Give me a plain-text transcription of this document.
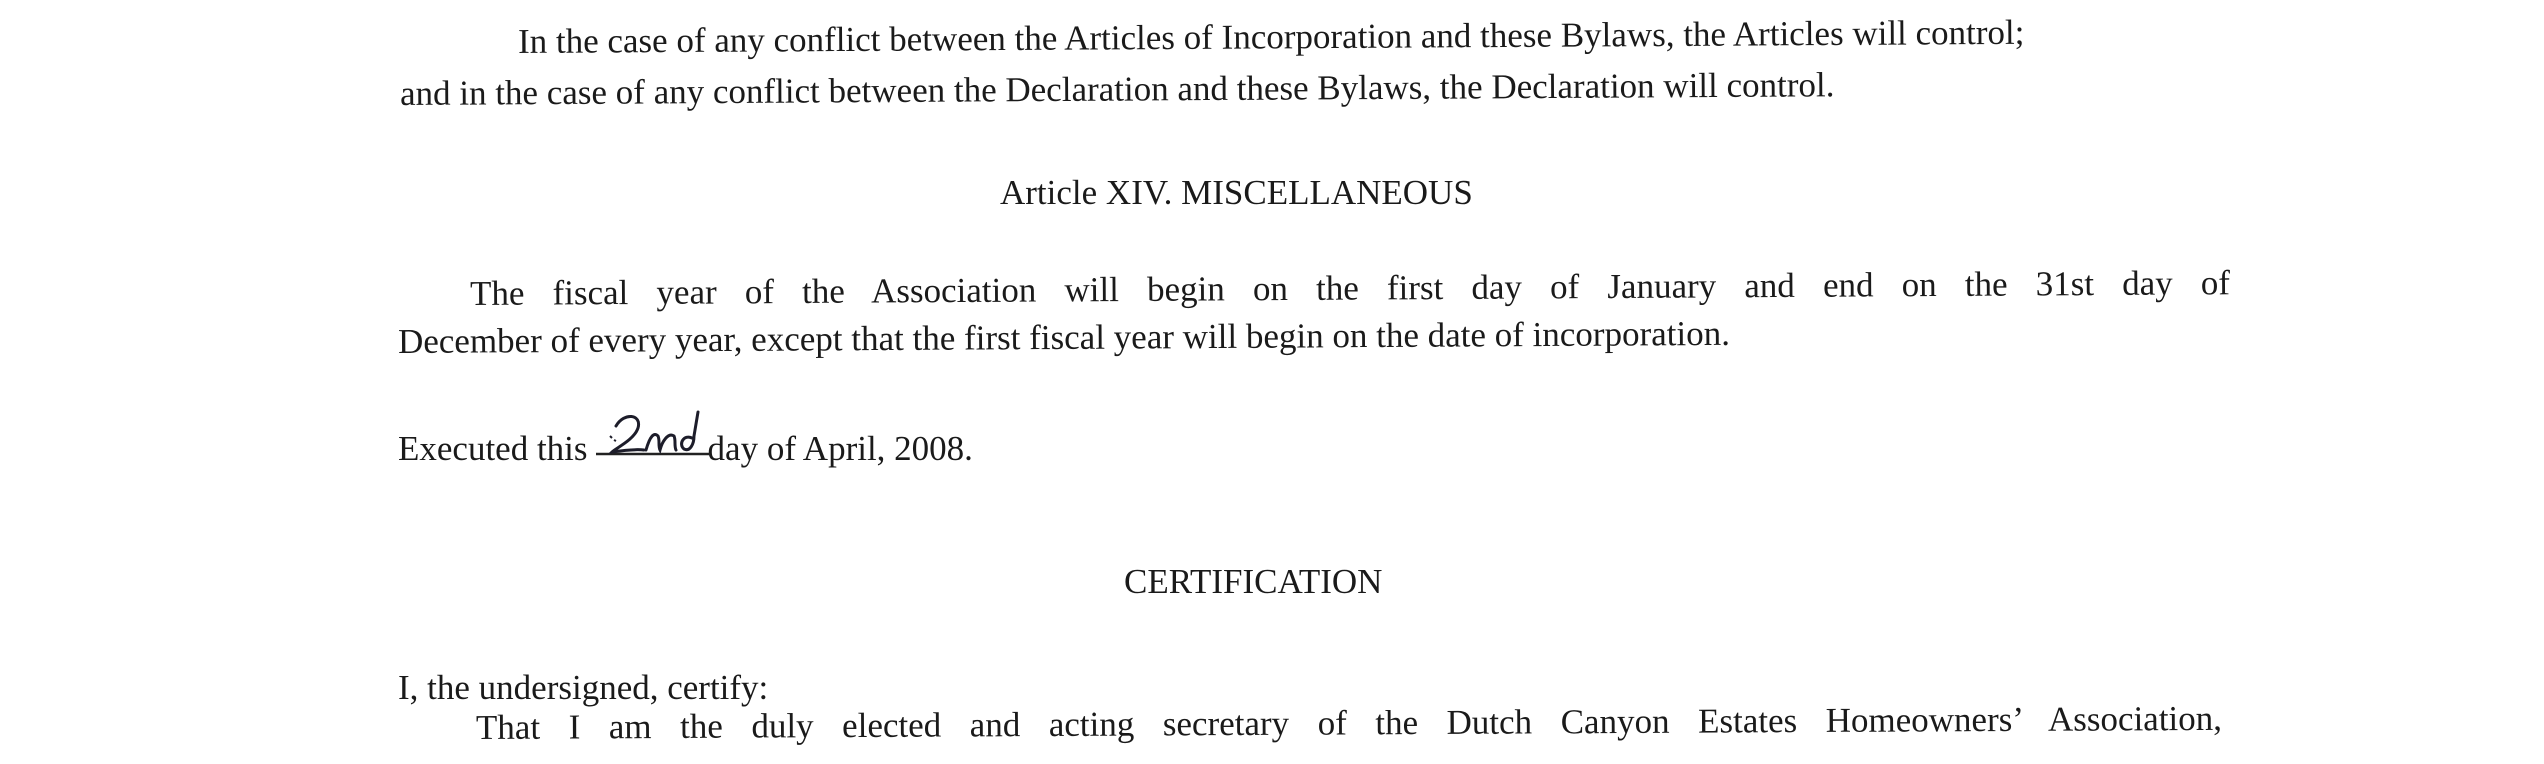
In the case of any conflict between the Articles of Incorporation and these Bylaws, the Articles will control;
and in the case of any conflict between the Declaration and these Bylaws, the Declaration will control.
Article XIV. MISCELLANEOUS
The fiscal year of the Association will begin on the first day of January and end on the 31st day of
December of every year, except that the first fiscal year will begin on the date of incorporation.
Executed this	day of April, 2008.
CERTIFICATION
I, the undersigned, certify:
That I am the duly elected and acting secretary of the Dutch Canyon Estates Homeowners’ Association,
